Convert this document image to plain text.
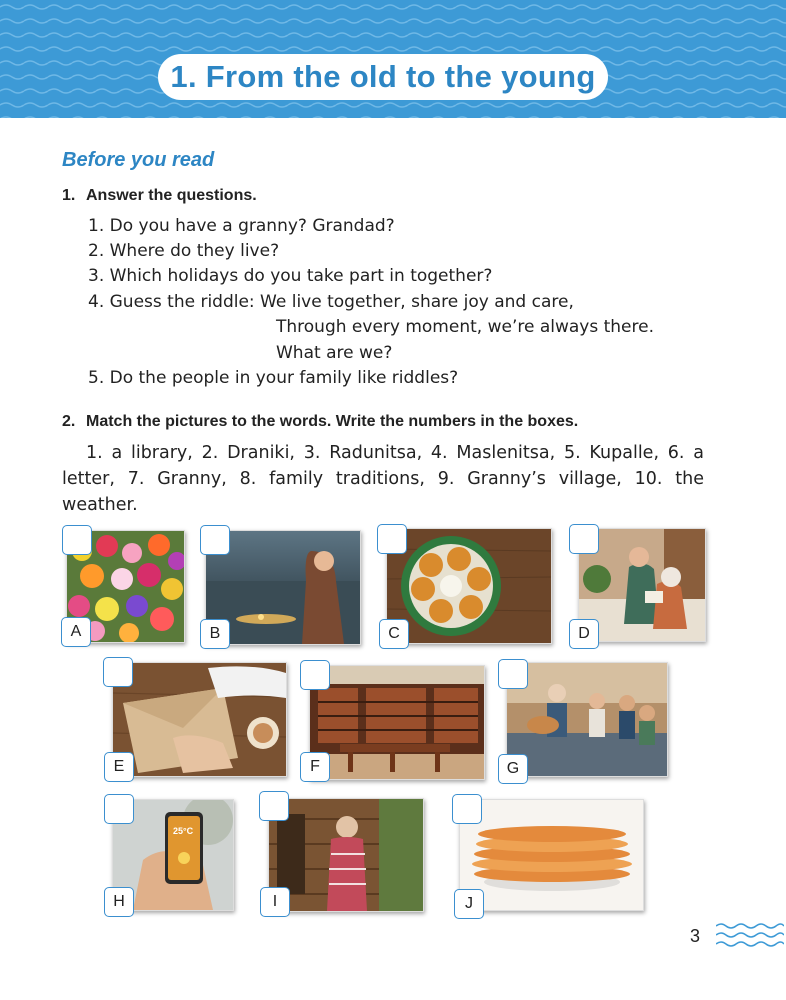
1. From the old to the young
Before you read
1. Answer the questions.
1. Do you have a granny? Grandad?
2. Where do they live?
3. Which holidays do you take part in together?
4. Guess the riddle: We live together, share joy and care,
Through every moment, we’re always there.
What are we?
5. Do the people in your family like riddles?
2. Match the pictures to the words. Write the numbers in the boxes.
1. a library, 2. Draniki, 3. Radunitsa, 4. Maslenitsa, 5. Kupalle, 6. a letter, 7. Granny, 8. family traditions, 9. Granny’s village, 10. the weather.
A	B	C	D
E	F	G
25°C
H	I	J
3
